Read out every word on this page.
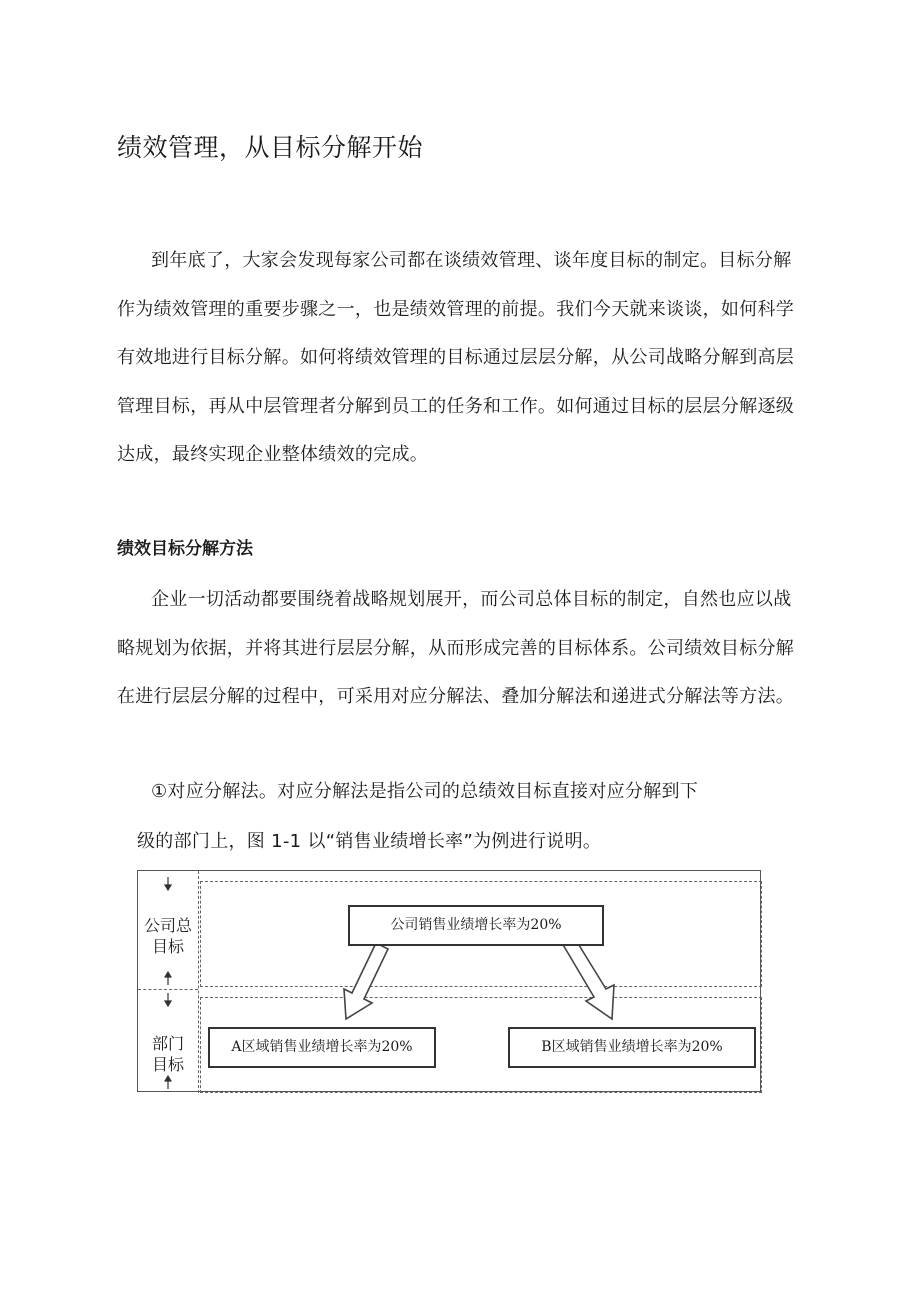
绩效管理，从目标分解开始

到年底了，大家会发现每家公司都在谈绩效管理、谈年度目标的制定。目标分解作为绩效管理的重要步骤之一，也是绩效管理的前提。我们今天就来谈谈，如何科学有效地进行目标分解。如何将绩效管理的目标通过层层分解，从公司战略分解到高层管理目标，再从中层管理者分解到员工的任务和工作。如何通过目标的层层分解逐级达成，最终实现企业整体绩效的完成。

绩效目标分解方法

企业一切活动都要围绕着战略规划展开，而公司总体目标的制定，自然也应以战略规划为依据，并将其进行层层分解，从而形成完善的目标体系。公司绩效目标分解在进行层层分解的过程中，可采用对应分解法、叠加分解法和递进式分解法等方法。

①对应分解法。对应分解法是指公司的总绩效目标直接对应分解到下

级的部门上，图 1-1 以“销售业绩增长率”为例进行说明。
公司总
目标
部门
目标
公司销售业绩增长率为20%
A区域销售业绩增长率为20%	B区域销售业绩增长率为20%
